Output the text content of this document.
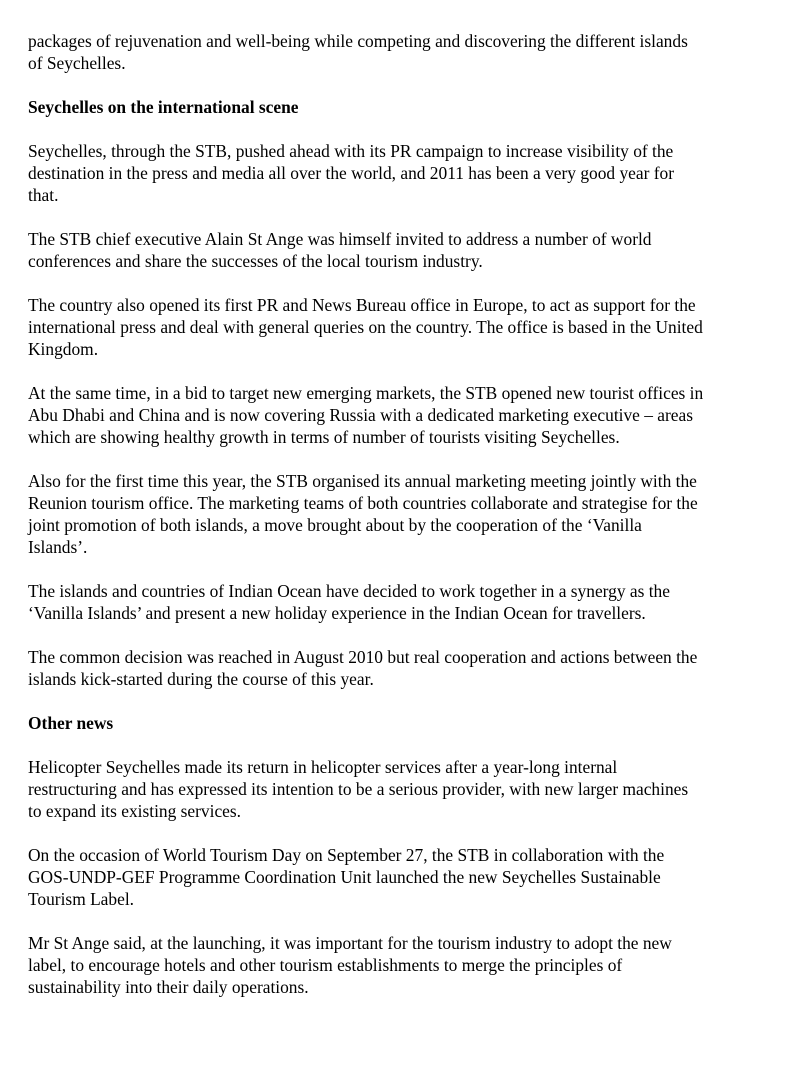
packages of rejuvenation and well-being while competing and discovering the different islands
of Seychelles.

Seychelles on the international scene

Seychelles, through the STB, pushed ahead with its PR campaign to increase visibility of the
destination in the press and media all over the world, and 2011 has been a very good year for
that.

The STB chief executive Alain St Ange was himself invited to address a number of world
conferences and share the successes of the local tourism industry.

The country also opened its first PR and News Bureau office in Europe, to act as support for the
international press and deal with general queries on the country. The office is based in the United
Kingdom.

At the same time, in a bid to target new emerging markets, the STB opened new tourist offices in
Abu Dhabi and China and is now covering Russia with a dedicated marketing executive – areas
which are showing healthy growth in terms of number of tourists visiting Seychelles.

Also for the first time this year, the STB organised its annual marketing meeting jointly with the
Reunion tourism office. The marketing teams of both countries collaborate and strategise for the
joint promotion of both islands, a move brought about by the cooperation of the ‘Vanilla
Islands’.

The islands and countries of Indian Ocean have decided to work together in a synergy as the
‘Vanilla Islands’ and present a new holiday experience in the Indian Ocean for travellers.

The common decision was reached in August 2010 but real cooperation and actions between the
islands kick-started during the course of this year.

Other news

Helicopter Seychelles made its return in helicopter services after a year-long internal
restructuring and has expressed its intention to be a serious provider, with new larger machines
to expand its existing services.

On the occasion of World Tourism Day on September 27, the STB in collaboration with the
GOS-UNDP-GEF Programme Coordination Unit launched the new Seychelles Sustainable
Tourism Label.

Mr St Ange said, at the launching, it was important for the tourism industry to adopt the new
label, to encourage hotels and other tourism establishments to merge the principles of
sustainability into their daily operations.
